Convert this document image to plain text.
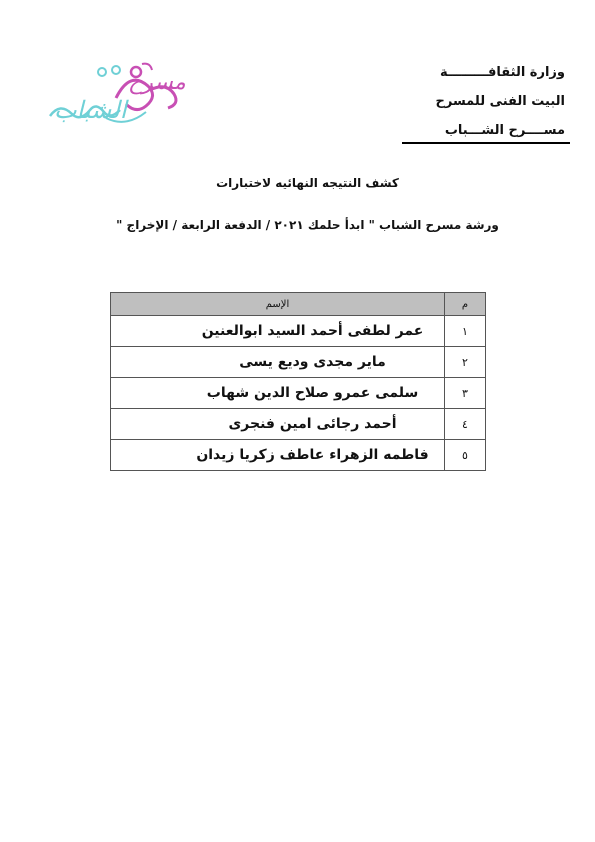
وزارة الثقافـــــــــة
البيت الفنى للمسرح
مســــرح الشـــباب
مسرح
الشباب
كشف النتيجه النهائيه لاختبارات
ورشة مسرح الشباب " ابدأ حلمك ٢٠٢١ / الدفعة الرابعة / الإخراج "
م	الإسم
١	عمر لطفى أحمد السيد ابوالعنين
٢	ماير مجدى وديع يسى
٣	سلمى عمرو صلاح الدين شهاب
٤	أحمد رجائى امين فنجرى
٥	فاطمه الزهراء عاطف زكريا زيدان
